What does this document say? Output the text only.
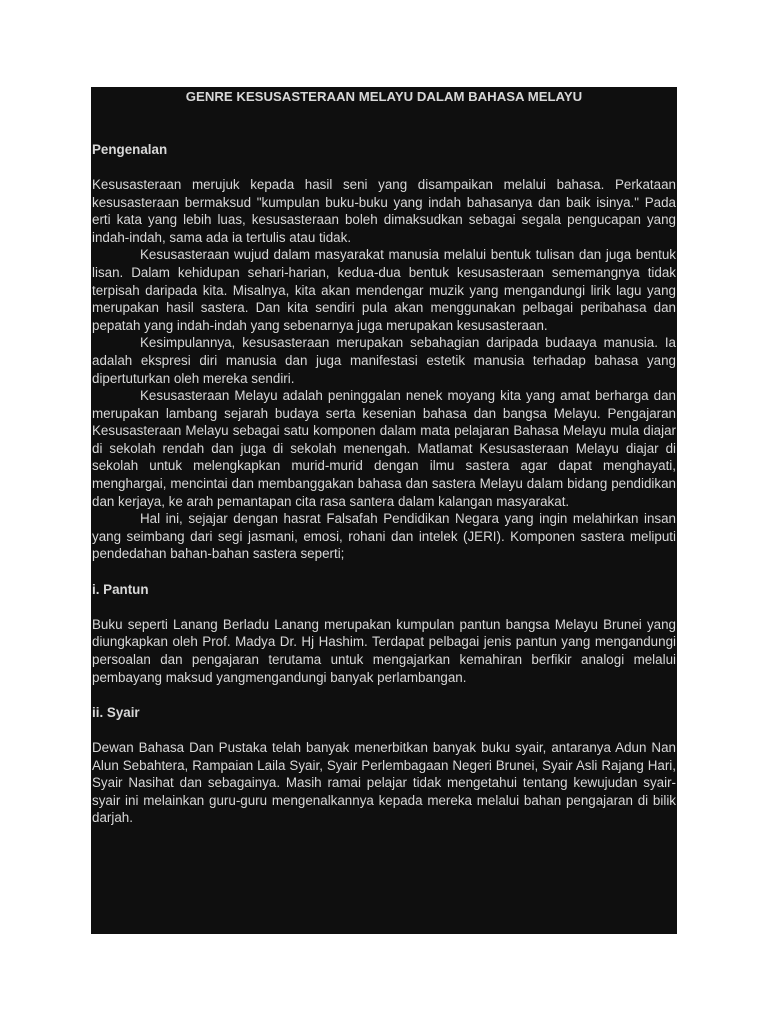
GENRE KESUSASTERAAN MELAYU DALAM BAHASA MELAYU

Pengenalan

Kesusasteraan merujuk kepada hasil seni yang disampaikan melalui bahasa. Perkataan kesusasteraan bermaksud "kumpulan buku-buku yang indah bahasanya dan baik isinya." Pada erti kata yang lebih luas, kesusasteraan boleh dimaksudkan sebagai segala pengucapan yang indah-indah, sama ada ia tertulis atau tidak.

Kesusasteraan wujud dalam masyarakat manusia melalui bentuk tulisan dan juga bentuk lisan. Dalam kehidupan sehari-harian, kedua-dua bentuk kesusasteraan sememangnya tidak terpisah daripada kita. Misalnya, kita akan mendengar muzik yang mengandungi lirik lagu yang merupakan hasil sastera. Dan kita sendiri pula akan menggunakan pelbagai peribahasa dan pepatah yang indah-indah yang sebenarnya juga merupakan kesusasteraan.

Kesimpulannya, kesusasteraan merupakan sebahagian daripada budaaya manusia. Ia adalah ekspresi diri manusia dan juga manifestasi estetik manusia terhadap bahasa yang dipertuturkan oleh mereka sendiri.

Kesusasteraan Melayu adalah peninggalan nenek moyang kita yang amat berharga dan merupakan lambang sejarah budaya serta kesenian bahasa dan bangsa Melayu. Pengajaran Kesusasteraan Melayu sebagai satu komponen dalam mata pelajaran Bahasa Melayu mula diajar di sekolah rendah dan juga di sekolah menengah. Matlamat Kesusasteraan Melayu diajar di sekolah untuk melengkapkan murid-murid dengan ilmu sastera agar dapat menghayati, menghargai, mencintai dan membanggakan bahasa dan sastera Melayu dalam bidang pendidikan dan kerjaya, ke arah pemantapan cita rasa santera dalam kalangan masyarakat.

Hal ini, sejajar dengan hasrat Falsafah Pendidikan Negara yang ingin melahirkan insan yang seimbang dari segi jasmani, emosi, rohani dan intelek (JERI). Komponen sastera meliputi pendedahan bahan-bahan sastera seperti;

i. Pantun

Buku seperti Lanang Berladu Lanang merupakan kumpulan pantun bangsa Melayu Brunei yang diungkapkan oleh Prof. Madya Dr. Hj Hashim. Terdapat pelbagai jenis pantun yang mengandungi persoalan dan pengajaran terutama untuk mengajarkan kemahiran berfikir analogi melalui pembayang maksud yangmengandungi banyak perlambangan.

ii. Syair

Dewan Bahasa Dan Pustaka telah banyak menerbitkan banyak buku syair, antaranya Adun Nan Alun Sebahtera, Rampaian Laila Syair, Syair Perlembagaan Negeri Brunei, Syair Asli Rajang Hari, Syair Nasihat dan sebagainya. Masih ramai pelajar tidak mengetahui tentang kewujudan syair-syair ini melainkan guru-guru mengenalkannya kepada mereka melalui bahan pengajaran di bilik darjah.
